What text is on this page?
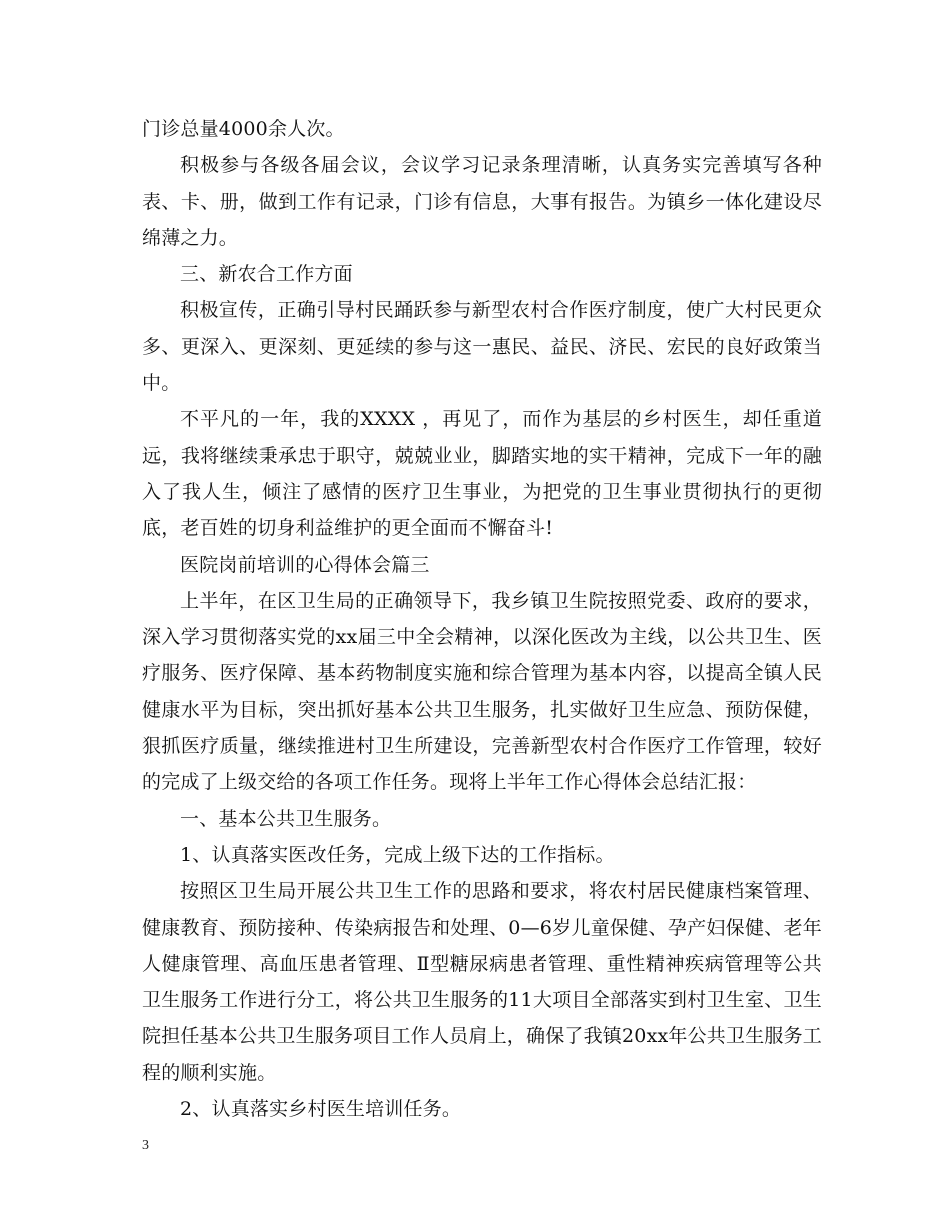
门诊总量4000余人次。

积极参与各级各届会议，会议学习记录条理清晰，认真务实完善填写各种表、卡、册，做到工作有记录，门诊有信息，大事有报告。为镇乡一体化建设尽绵薄之力。

三、新农合工作方面

积极宣传，正确引导村民踊跃参与新型农村合作医疗制度，使广大村民更众多、更深入、更深刻、更延续的参与这一惠民、益民、济民、宏民的良好政策当中。

不平凡的一年，我的XXXX ，再见了，而作为基层的乡村医生，却任重道远，我将继续秉承忠于职守，兢兢业业，脚踏实地的实干精神，完成下一年的融入了我人生，倾注了感情的医疗卫生事业，为把党的卫生事业贯彻执行的更彻底，老百姓的切身利益维护的更全面而不懈奋斗!

医院岗前培训的心得体会篇三

上半年，在区卫生局的正确领导下，我乡镇卫生院按照党委、政府的要求，深入学习贯彻落实党的xx届三中全会精神，以深化医改为主线，以公共卫生、医疗服务、医疗保障、基本药物制度实施和综合管理为基本内容，以提高全镇人民健康水平为目标，突出抓好基本公共卫生服务，扎实做好卫生应急、预防保健，狠抓医疗质量，继续推进村卫生所建设，完善新型农村合作医疗工作管理，较好的完成了上级交给的各项工作任务。现将上半年工作心得体会总结汇报：

一、基本公共卫生服务。

1、认真落实医改任务，完成上级下达的工作指标。

按照区卫生局开展公共卫生工作的思路和要求，将农村居民健康档案管理、健康教育、预防接种、传染病报告和处理、0—6岁儿童保健、孕产妇保健、老年人健康管理、高血压患者管理、Ⅱ型糖尿病患者管理、重性精神疾病管理等公共卫生服务工作进行分工，将公共卫生服务的11大项目全部落实到村卫生室、卫生院担任基本公共卫生服务项目工作人员肩上，确保了我镇20xx年公共卫生服务工程的顺利实施。

2、认真落实乡村医生培训任务。

3
